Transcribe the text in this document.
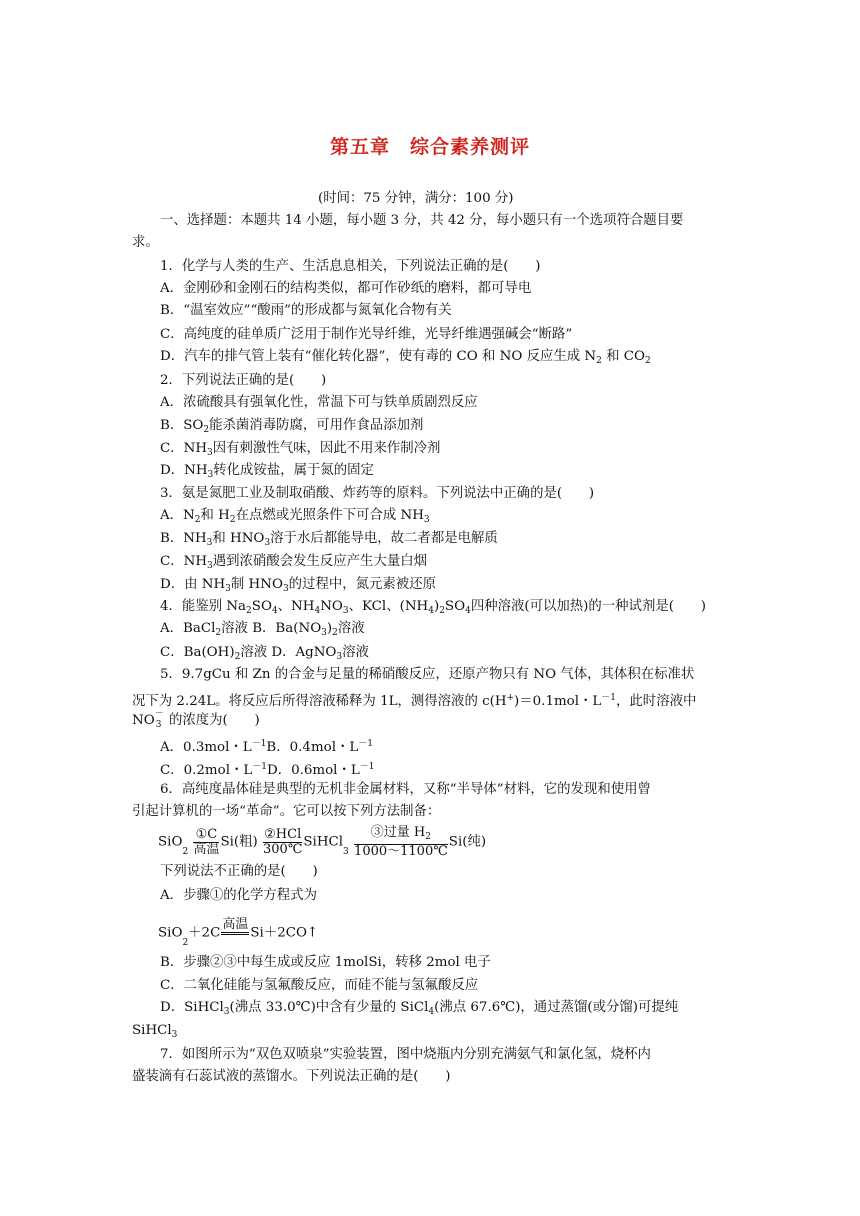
第五章　综合素养测评
(时间：75 分钟，满分：100 分)
一、选择题：本题共 14 小题，每小题 3 分，共 42 分，每小题只有一个选项符合题目要
求。
1．化学与人类的生产、生活息息相关，下列说法正确的是(　　)
A．金刚砂和金刚石的结构类似，都可作砂纸的磨料，都可导电
B．“温室效应”“酸雨”的形成都与氮氧化合物有关
C．高纯度的硅单质广泛用于制作光导纤维，光导纤维遇强碱会“断路”
D．汽车的排气管上装有“催化转化器”，使有毒的 CO 和 NO 反应生成 $N_2$ 和 $CO_2$
2．下列说法正确的是(　　)
A．浓硫酸具有强氧化性，常温下可与铁单质剧烈反应
B．$SO_2$能杀菌消毒防腐，可用作食品添加剂
C．$NH_3$因有刺激性气味，因此不用来作制冷剂
D．$NH_3$转化成铵盐，属于氮的固定
3．氨是氮肥工业及制取硝酸、炸药等的原料。下列说法中正确的是(　　)
A．$N_2$和 $H_2$在点燃或光照条件下可合成 $NH_3$
B．$NH_3$和 $HNO_3$溶于水后都能导电，故二者都是电解质
C．$NH_3$遇到浓硝酸会发生反应产生大量白烟
D．由 $NH_3$制 $HNO_3$的过程中，氮元素被还原
4．能鉴别 $Na_2SO_4$、$NH_4NO_3$、KCl、$(NH_4)_2SO_4$四种溶液(可以加热)的一种试剂是(　　)
A．BaCl$_2$溶液 B．$Ba(NO_3)_2$溶液
C．$Ba(OH)_2$溶液 D．AgNO$_3$溶液
5．9.7gCu 和 Zn 的合金与足量的稀硝酸反应，还原产物只有 NO 气体，其体积在标准状
况下为 2.24L。将反应后所得溶液稀释为 1L，测得溶液的 c(H+)＝0.1mol・$L^{-1}$，此时溶液中
NO －
3 的浓度为(　　)
A．0.3mol・$L^{-1}B$．0.4mol・$L^{-1}$
C．0.2mol・$L^{-1}D$．0.6mol・$L^{-1}$
6．高纯度晶体硅是典型的无机非金属材料，又称“半导体”材料，它的发现和使用曾
引起计算机的一场“革命”。它可以按下列方法制备：
SiO$_2$
①C
高温 Si(粗) ②HCl
300℃ SiHCl$_3$
③过量 $H_2$
1000～1100℃
Si(纯)
下列说法不正确的是(　　)
A．步骤①的化学方程式为
SiO$_2$＋2C
高温
Si＋2CO↑
B．步骤②③中每生成或反应 1molSi，转移 2mol 电子
C．二氧化硅能与氢氟酸反应，而硅不能与氢氟酸反应
D．SiHCl$_3$(沸点 33.0℃)中含有少量的 SiCl$_4$(沸点 67.6℃)，通过蒸馏(或分馏)可提纯
SiHCl$_3$
7．如图所示为“双色双喷泉”实验装置，图中烧瓶内分别充满氨气和氯化氢，烧杯内
盛装滴有石蕊试液的蒸馏水。下列说法正确的是(　　)
